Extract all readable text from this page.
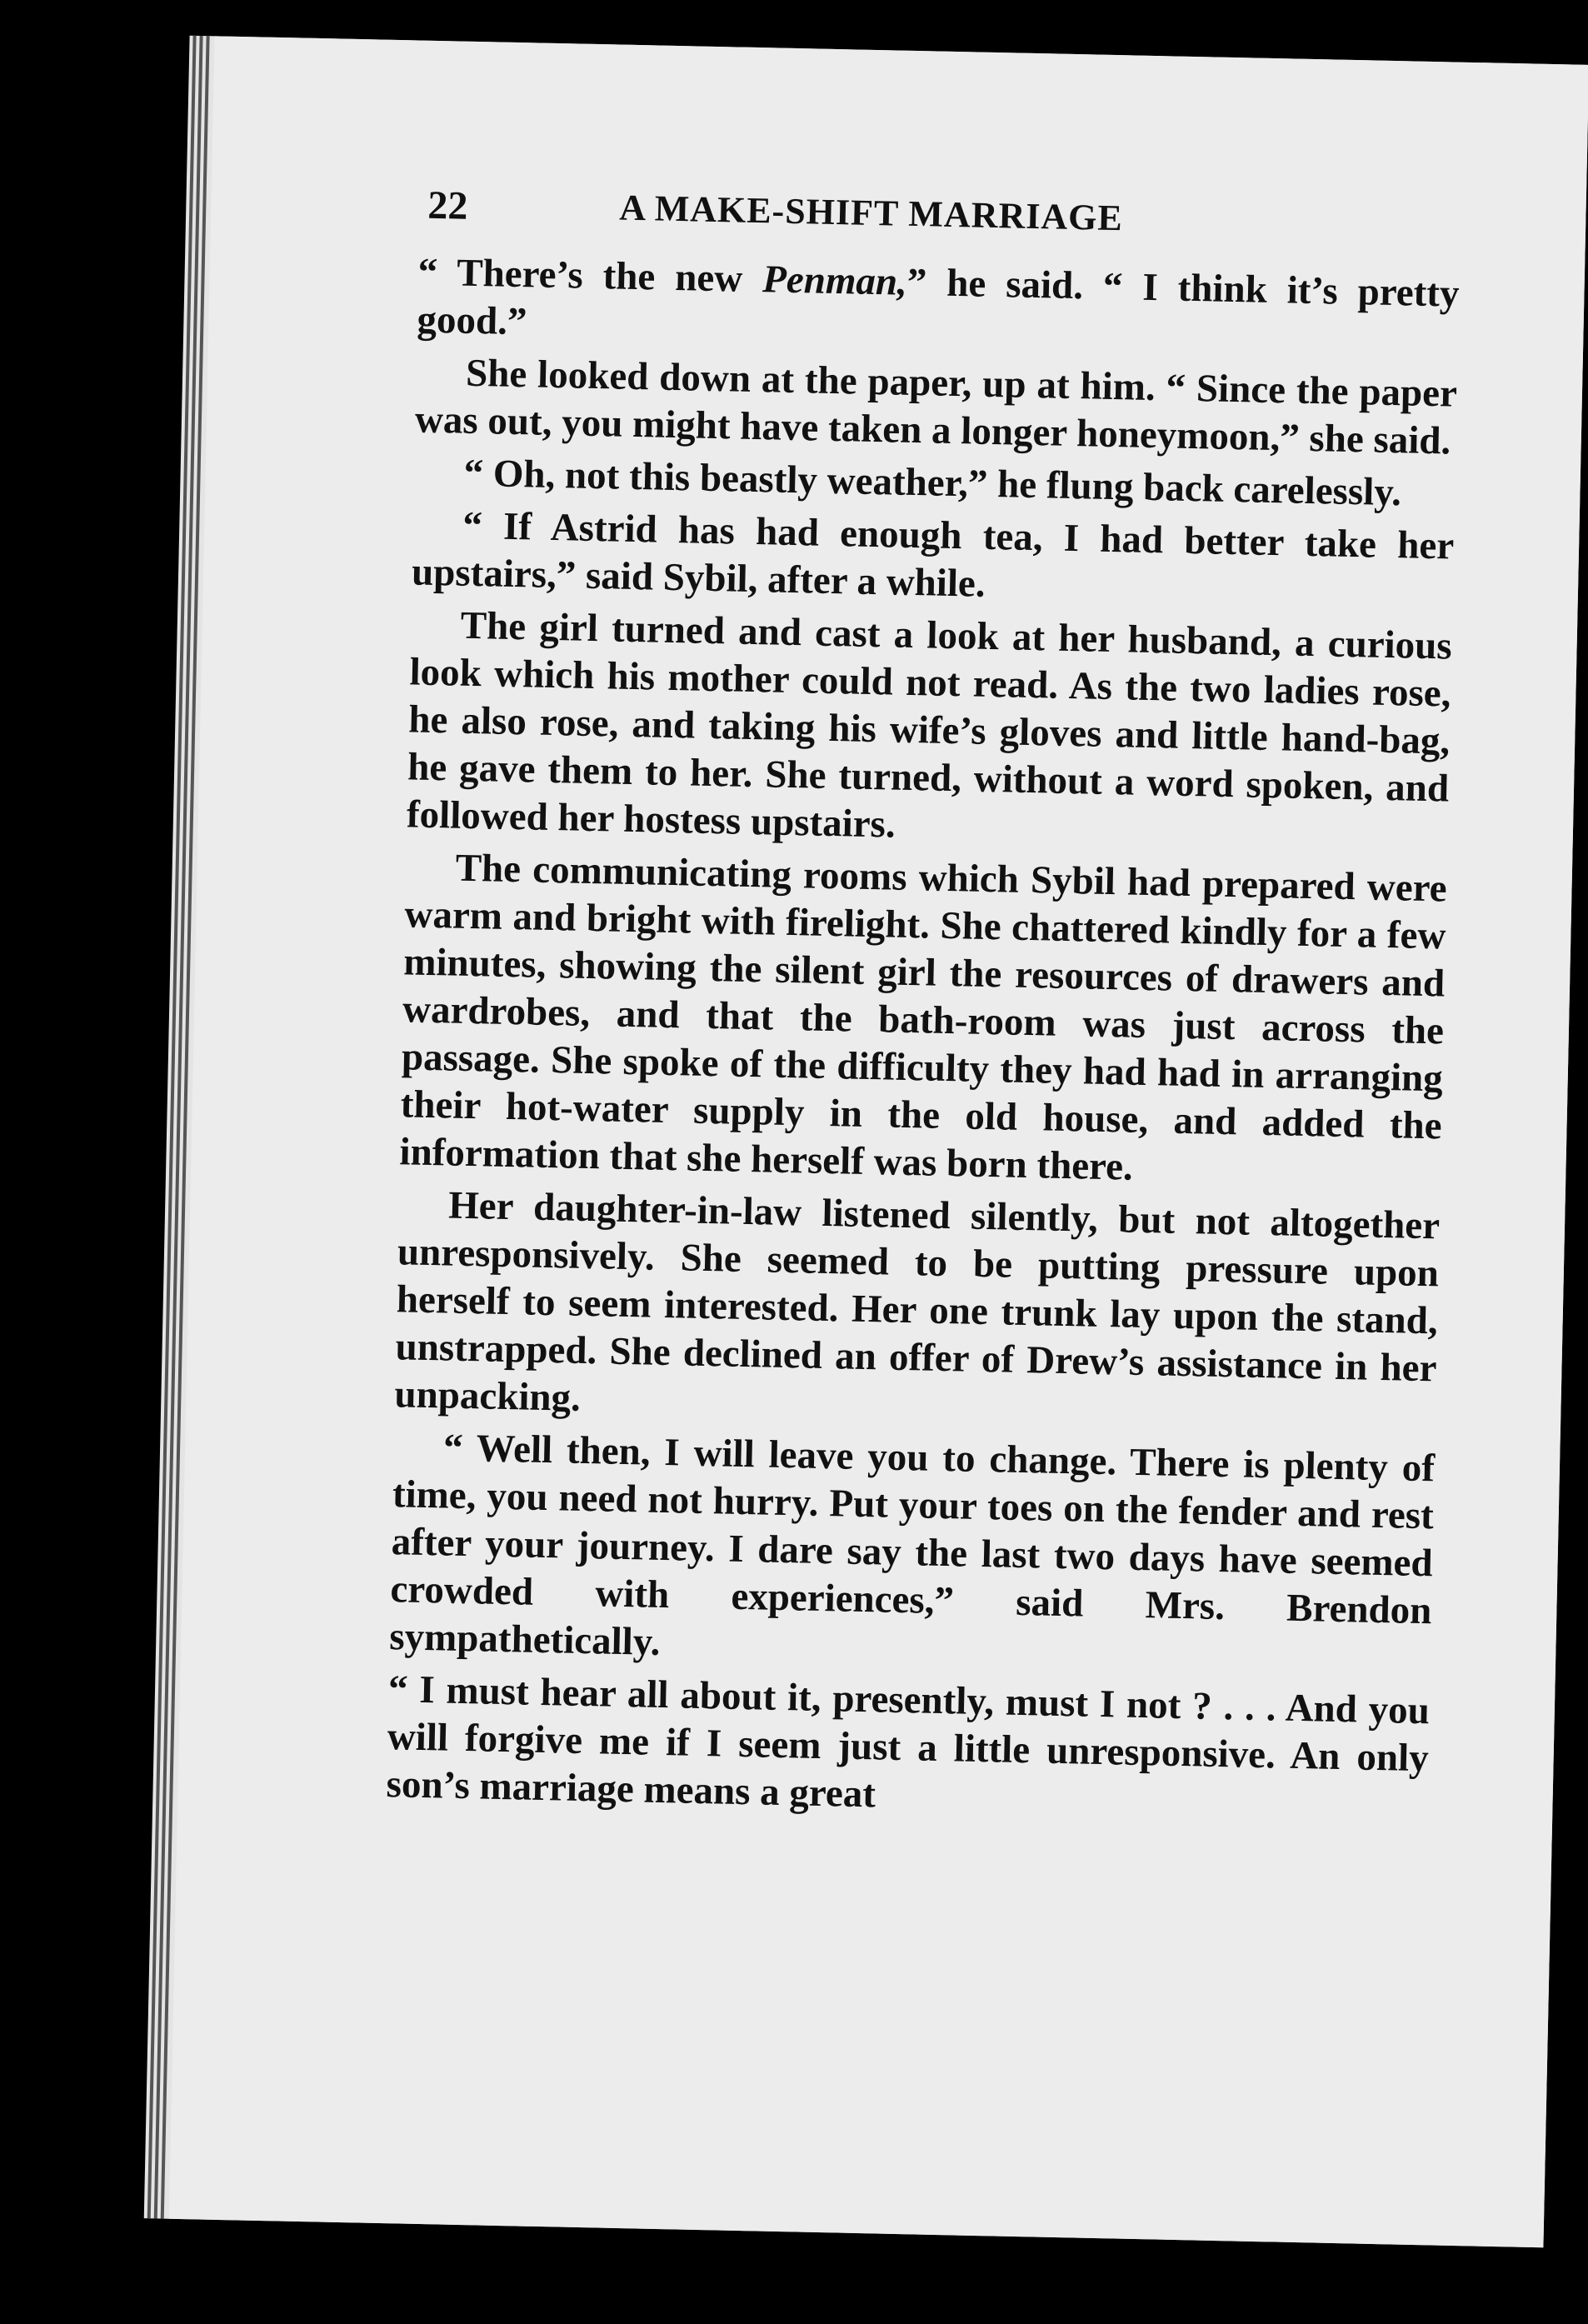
22	A MAKE-SHIFT MARRIAGE

“ There’s the new Penman,” he said. “ I think it’s pretty good.”

She looked down at the paper, up at him. “ Since the paper was out, you might have taken a longer honeymoon,” she said.

“ Oh, not this beastly weather,” he flung back carelessly.

“ If Astrid has had enough tea, I had better take her upstairs,” said Sybil, after a while.

The girl turned and cast a look at her husband, a curious look which his mother could not read. As the two ladies rose, he also rose, and taking his wife’s gloves and little hand-bag, he gave them to her. She turned, without a word spoken, and followed her hostess upstairs.

The communicating rooms which Sybil had prepared were warm and bright with firelight. She chattered kindly for a few minutes, showing the silent girl the resources of drawers and wardrobes, and that the bath-room was just across the passage. She spoke of the difficulty they had had in arranging their hot-water supply in the old house, and added the information that she herself was born there.

Her daughter-in-law listened silently, but not altogether unresponsively. She seemed to be putting pressure upon herself to seem interested. Her one trunk lay upon the stand, unstrapped. She declined an offer of Drew’s assistance in her unpacking.

“ Well then, I will leave you to change. There is plenty of time, you need not hurry. Put your toes on the fender and rest after your journey. I dare say the last two days have seemed crowded with experiences,” said Mrs. Brendon sympathetically.

“ I must hear all about it, presently, must I not ? . . . And you will forgive me if I seem just a little unresponsive. An only son’s marriage means a great
